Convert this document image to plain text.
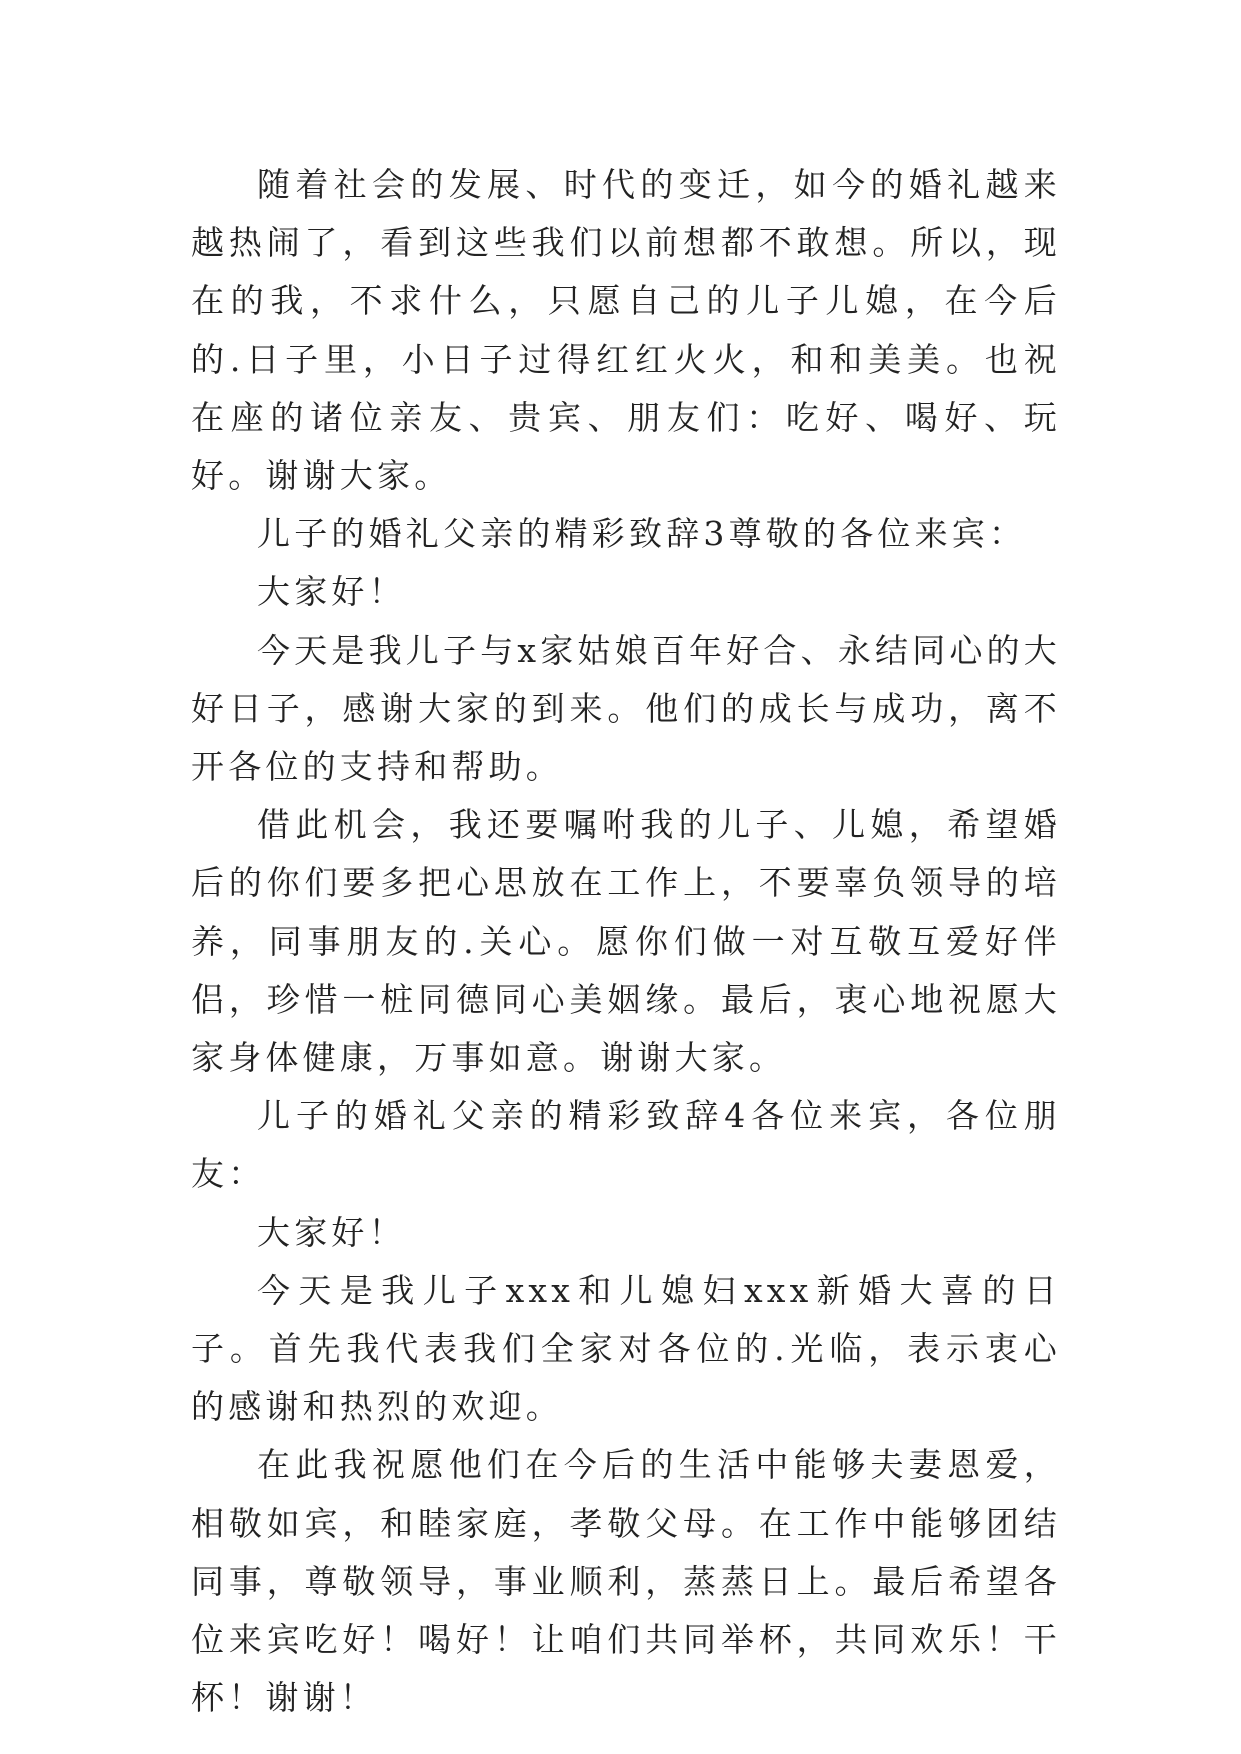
随着社会的发展、时代的变迁，如今的婚礼越来越热闹了，看到这些我们以前想都不敢想。所以，现在的我，不求什么，只愿自己的儿子儿媳，在今后的.日子里，小日子过得红红火火，和和美美。也祝在座的诸位亲友、贵宾、朋友们：吃好、喝好、玩好。谢谢大家。

儿子的婚礼父亲的精彩致辞3尊敬的各位来宾：

大家好！

今天是我儿子与x家姑娘百年好合、永结同心的大好日子，感谢大家的到来。他们的成长与成功，离不开各位的支持和帮助。

借此机会，我还要嘱咐我的儿子、儿媳，希望婚后的你们要多把心思放在工作上，不要辜负领导的培养，同事朋友的.关心。愿你们做一对互敬互爱好伴侣，珍惜一桩同德同心美姻缘。最后，衷心地祝愿大家身体健康，万事如意。谢谢大家。

儿子的婚礼父亲的精彩致辞4各位来宾，各位朋友：

大家好！

今天是我儿子xxx和儿媳妇xxx新婚大喜的日子。首先我代表我们全家对各位的.光临，表示衷心的感谢和热烈的欢迎。

在此我祝愿他们在今后的生活中能够夫妻恩爱，相敬如宾，和睦家庭，孝敬父母。在工作中能够团结同事，尊敬领导，事业顺利，蒸蒸日上。最后希望各位来宾吃好！喝好！让咱们共同举杯，共同欢乐！干杯！谢谢！
